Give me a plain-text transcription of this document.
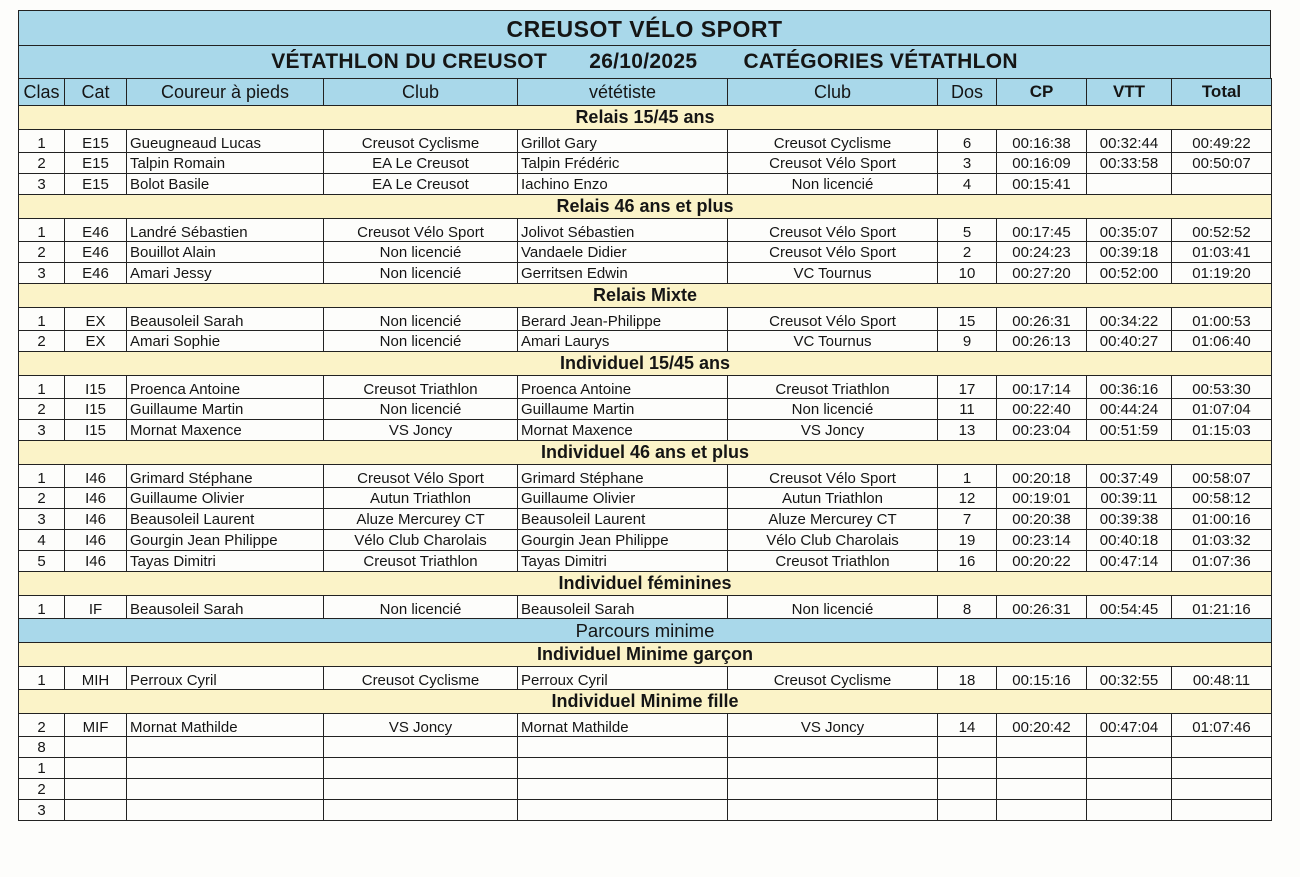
CREUSOT VÉLO SPORT
VÉTATHLON DU CREUSOT 26/10/2025 CATÉGORIES VÉTATHLON
Clas	Cat	Coureur à pieds	Club	vététiste	Club	Dos	CP	VTT	Total
Relais 15/45 ans									
1	E15	Gueugneaud Lucas	Creusot Cyclisme	Grillot Gary	Creusot Cyclisme	6	00:16:38	00:32:44	00:49:22
2	E15	Talpin Romain	EA Le Creusot	Talpin Frédéric	Creusot Vélo Sport	3	00:16:09	00:33:58	00:50:07
3	E15	Bolot Basile	EA Le Creusot	Iachino Enzo	Non licencié	4	00:15:41		
Relais 46 ans et plus									
1	E46	Landré Sébastien	Creusot Vélo Sport	Jolivot Sébastien	Creusot Vélo Sport	5	00:17:45	00:35:07	00:52:52
2	E46	Bouillot Alain	Non licencié	Vandaele Didier	Creusot Vélo Sport	2	00:24:23	00:39:18	01:03:41
3	E46	Amari Jessy	Non licencié	Gerritsen Edwin	VC Tournus	10	00:27:20	00:52:00	01:19:20
Relais Mixte									
1	EX	Beausoleil Sarah	Non licencié	Berard Jean-Philippe	Creusot Vélo Sport	15	00:26:31	00:34:22	01:00:53
2	EX	Amari Sophie	Non licencié	Amari Laurys	VC Tournus	9	00:26:13	00:40:27	01:06:40
Individuel 15/45 ans									
1	I15	Proenca Antoine	Creusot Triathlon	Proenca Antoine	Creusot Triathlon	17	00:17:14	00:36:16	00:53:30
2	I15	Guillaume Martin	Non licencié	Guillaume Martin	Non licencié	11	00:22:40	00:44:24	01:07:04
3	I15	Mornat Maxence	VS Joncy	Mornat Maxence	VS Joncy	13	00:23:04	00:51:59	01:15:03
Individuel 46 ans et plus									
1	I46	Grimard Stéphane	Creusot Vélo Sport	Grimard Stéphane	Creusot Vélo Sport	1	00:20:18	00:37:49	00:58:07
2	I46	Guillaume Olivier	Autun Triathlon	Guillaume Olivier	Autun Triathlon	12	00:19:01	00:39:11	00:58:12
3	I46	Beausoleil Laurent	Aluze Mercurey CT	Beausoleil Laurent	Aluze Mercurey CT	7	00:20:38	00:39:38	01:00:16
4	I46	Gourgin Jean Philippe	Vélo Club Charolais	Gourgin Jean Philippe	Vélo Club Charolais	19	00:23:14	00:40:18	01:03:32
5	I46	Tayas Dimitri	Creusot Triathlon	Tayas Dimitri	Creusot Triathlon	16	00:20:22	00:47:14	01:07:36
Individuel féminines									
1	IF	Beausoleil Sarah	Non licencié	Beausoleil Sarah	Non licencié	8	00:26:31	00:54:45	01:21:16
Parcours minime									
Individuel Minime garçon									
1	MIH	Perroux Cyril	Creusot Cyclisme	Perroux Cyril	Creusot Cyclisme	18	00:15:16	00:32:55	00:48:11
Individuel Minime fille									
2	MIF	Mornat Mathilde	VS Joncy	Mornat Mathilde	VS Joncy	14	00:20:42	00:47:04	01:07:46
8									
1									
2									
3									
